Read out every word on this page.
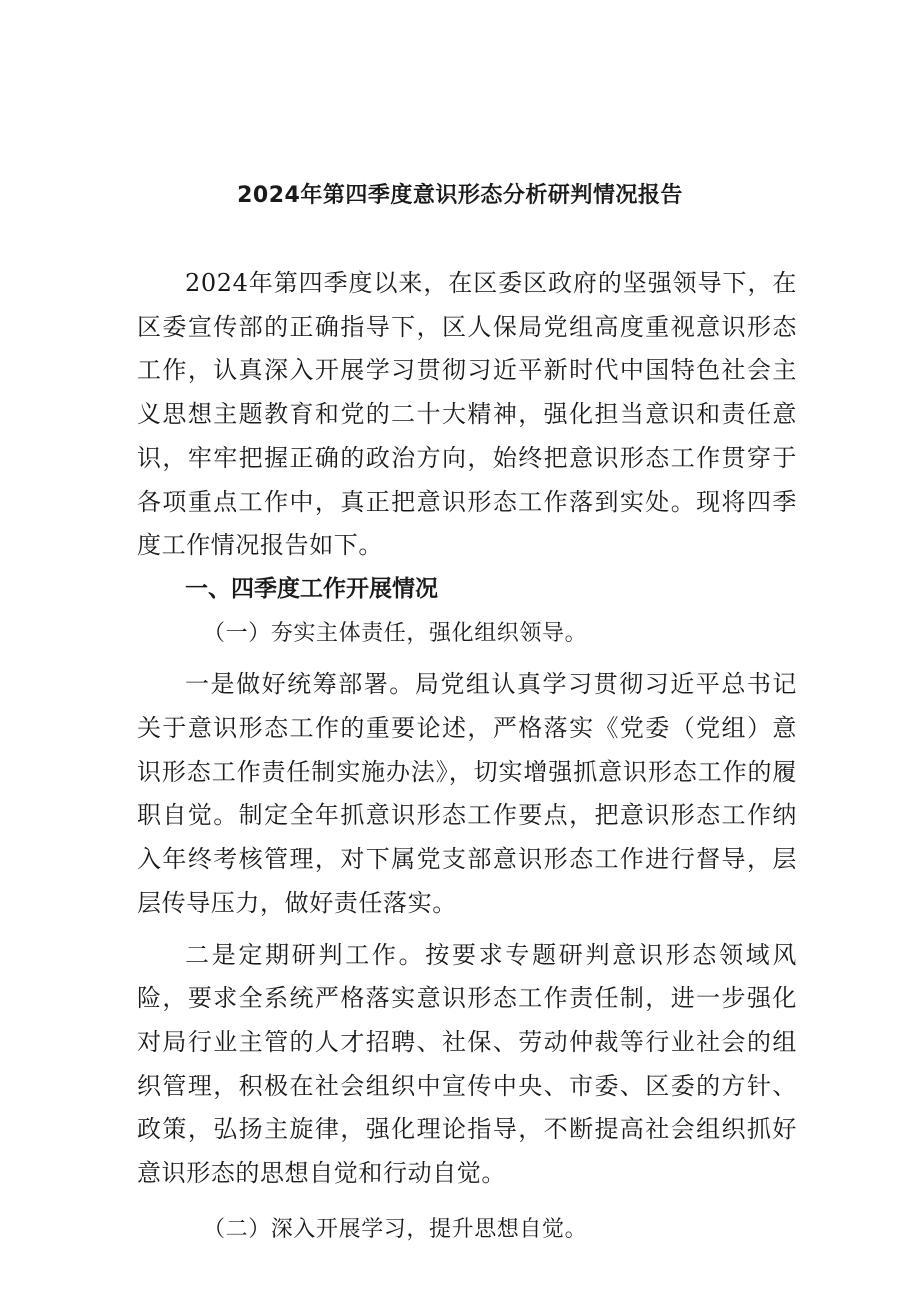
2024年第四季度意识形态分析研判情况报告

2024年第四季度以来，在区委区政府的坚强领导下，在区委宣传部的正确指导下，区人保局党组高度重视意识形态工作，认真深入开展学习贯彻习近平新时代中国特色社会主义思想主题教育和党的二十大精神，强化担当意识和责任意识，牢牢把握正确的政治方向，始终把意识形态工作贯穿于各项重点工作中，真正把意识形态工作落到实处。现将四季度工作情况报告如下。

一、四季度工作开展情况

（一）夯实主体责任，强化组织领导。

一是做好统筹部署。局党组认真学习贯彻习近平总书记关于意识形态工作的重要论述，严格落实《党委（党组）意识形态工作责任制实施办法》，切实增强抓意识形态工作的履职自觉。制定全年抓意识形态工作要点，把意识形态工作纳入年终考核管理，对下属党支部意识形态工作进行督导，层层传导压力，做好责任落实。

二是定期研判工作。按要求专题研判意识形态领域风险，要求全系统严格落实意识形态工作责任制，进一步强化对局行业主管的人才招聘、社保、劳动仲裁等行业社会的组织管理，积极在社会组织中宣传中央、市委、区委的方针、政策，弘扬主旋律，强化理论指导，不断提高社会组织抓好意识形态的思想自觉和行动自觉。

（二）深入开展学习，提升思想自觉。
